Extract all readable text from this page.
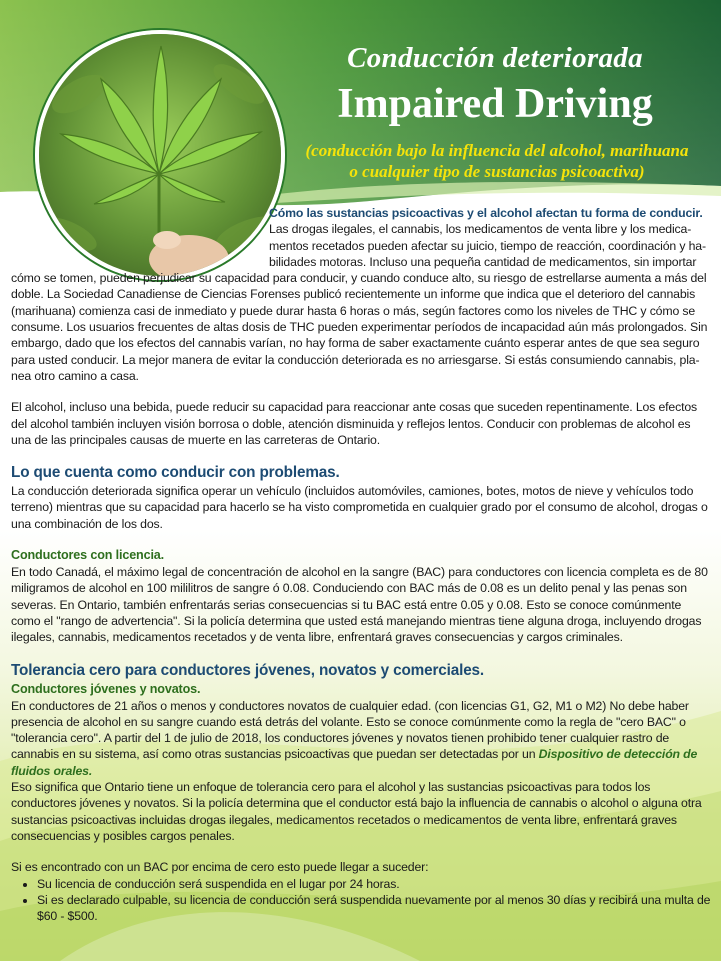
Conducción deteriorada
Impaired Driving
(conducción bajo la influencia del alcohol, marihuana
o cualquier tipo de sustancias psicoactiva)

Cómo las sustancias psicoactivas y el alcohol afectan tu forma de conducir. Las drogas ilegales, el cannabis, los medicamentos de venta libre y los medica-mentos recetados pueden afectar su juicio, tiempo de reacción, coordinación y ha-bilidades motoras. Incluso una pequeña cantidad de medicamentos, sin importar

cómo se tomen, pueden perjudicar su capacidad para conducir, y cuando conduce alto, su riesgo de estrellarse aumenta a más del doble. La Sociedad Canadiense de Ciencias Forenses publicó recientemente un informe que indica que el deterioro del cannabis (marihuana) comienza casi de inmediato y puede durar hasta 6 horas o más, según factores como los niveles de THC y cómo se consume. Los usuarios frecuentes de altas dosis de THC pueden experimentar períodos de incapacidad aún más prolongados. Sin embargo, dado que los efectos del cannabis varían, no hay forma de saber exactamente cuánto esperar antes de que sea seguro para usted conducir. La mejor manera de evitar la conducción deteriorada es no arriesgarse. Si estás consumiendo cannabis, pla-nea otro camino a casa.

El alcohol, incluso una bebida, puede reducir su capacidad para reaccionar ante cosas que suceden repentinamente. Los efectos del alcohol también incluyen visión borrosa o doble, atención disminuida y reflejos lentos. Conducir con problemas de alcohol es una de las principales causas de muerte en las carreteras de Ontario.

Lo que cuenta como conducir con problemas.

La conducción deteriorada significa operar un vehículo (incluidos automóviles, camiones, botes, motos de nieve y vehículos todo terreno) mientras que su capacidad para hacerlo se ha visto comprometida en cualquier grado por el consumo de alcohol, drogas o una combinación de los dos.

Conductores con licencia.

En todo Canadá, el máximo legal de concentración de alcohol en la sangre (BAC) para conductores con licencia completa es de 80 miligramos de alcohol en 100 mililitros de sangre ó 0.08. Conduciendo con BAC más de 0.08 es un delito penal y las penas son severas. En Ontario, también enfrentarás serias consecuencias si tu BAC está entre 0.05 y 0.08. Esto se conoce comúnmente como el "rango de advertencia". Si la policía determina que usted está manejando mientras tiene alguna droga, incluyendo drogas ilegales, cannabis, medicamentos recetados y de venta libre, enfrentará graves consecuencias y cargos criminales.

Tolerancia cero para conductores jóvenes, novatos y comerciales.

Conductores jóvenes y novatos.

En conductores de 21 años o menos y conductores novatos de cualquier edad. (con licencias G1, G2, M1 o M2) No debe haber presencia de alcohol en su sangre cuando está detrás del volante. Esto se conoce comúnmente como la regla de "cero BAC" o "tolerancia cero". A partir del 1 de julio de 2018, los conductores jóvenes y novatos tienen prohibido tener cualquier rastro de cannabis en su sistema, así como otras sustancias psicoactivas que puedan ser detectadas por un Dispositivo de detección de fluidos orales.

Eso significa que Ontario tiene un enfoque de tolerancia cero para el alcohol y las sustancias psicoactivas para todos los conductores jóvenes y novatos. Si la policía determina que el conductor está bajo la influencia de cannabis o alcohol o alguna otra sustancias psicoactivas incluidas drogas ilegales, medicamentos recetados o medicamentos de venta libre, enfrentará graves consecuencias y posibles cargos penales.

Si es encontrado con un BAC por encima de cero esto puede llegar a suceder:

• Su licencia de conducción será suspendida en el lugar por 24 horas.
• Si es declarado culpable, su licencia de conducción será suspendida nuevamente por al menos 30 días y recibirá una multa de $60 - $500.
